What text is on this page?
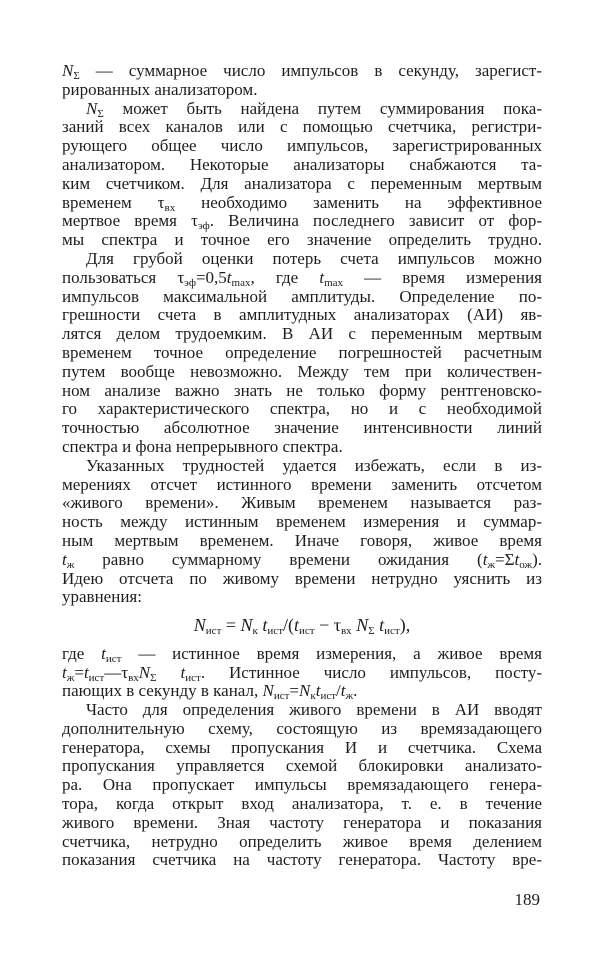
$N_\Sigma$ — суммарное число импульсов в секунду, зарегист-
рированных анализатором.
$N_\Sigma$ может быть найдена путем суммирования пока-
заний всех каналов или с помощью счетчика, регистри-
рующего общее число импульсов, зарегистрированных
анализатором. Некоторые анализаторы снабжаются та-
ким счетчиком. Для анализатора с переменным мертвым
временем $\tau_{вх}$ необходимо заменить на эффективное
мертвое время $\tau_{эф}$. Величина последнего зависит от фор-
мы спектра и точное его значение определить трудно.
Для грубой оценки потерь счета импульсов можно
пользоваться $\tau_{эф}=0,5t_{max}$, где $t_{max}$ — время измерения
импульсов максимальной амплитуды. Определение по-
грешности счета в амплитудных анализаторах (АИ) яв-
лятся делом трудоемким. В АИ с переменным мертвым
временем точное определение погрешностей расчетным
путем вообще невозможно. Между тем при количествен-
ном анализе важно знать не только форму рентгеновско-
го характеристического спектра, но и с необходимой
точностью абсолютное значение интенсивности линий
спектра и фона непрерывного спектра.
Указанных трудностей удается избежать, если в из-
мерениях отсчет истинного времени заменить отсчетом
«живого времени». Живым временем называется раз-
ность между истинным временем измерения и суммар-
ным мертвым временем. Иначе говоря, живое время
$t_ж$ равно суммарному времени ожидания $(t_ж=\Sigma t_{ож})$.
Идею отсчета по живому времени нетрудно уяснить из
уравнения:
$N_{ист} = N_к$ $t_{ист}/(t_{ист} - \tau_{вх}$ $N_\Sigma$ $t_{ист}$),
где $t_{ист}$ — истинное время измерения, а живое время
$t_ж=t_{ист}—\tau_{вх}N_\Sigma$ $t_{ист}$. Истинное число импульсов, посту-
пающих в секунду в канал, $N_{ист}=N_кt_{ист}/t_ж$.
Часто для определения живого времени в АИ вводят
дополнительную схему, состоящую из времязадающего
генератора, схемы пропускания И и счетчика. Схема
пропускания управляется схемой блокировки анализато-
ра. Она пропускает импульсы времязадающего генера-
тора, когда открыт вход анализатора, т. е. в течение
живого времени. Зная частоту генератора и показания
счетчика, нетрудно определить живое время делением
показания счетчика на частоту генератора. Частоту вре-
189
